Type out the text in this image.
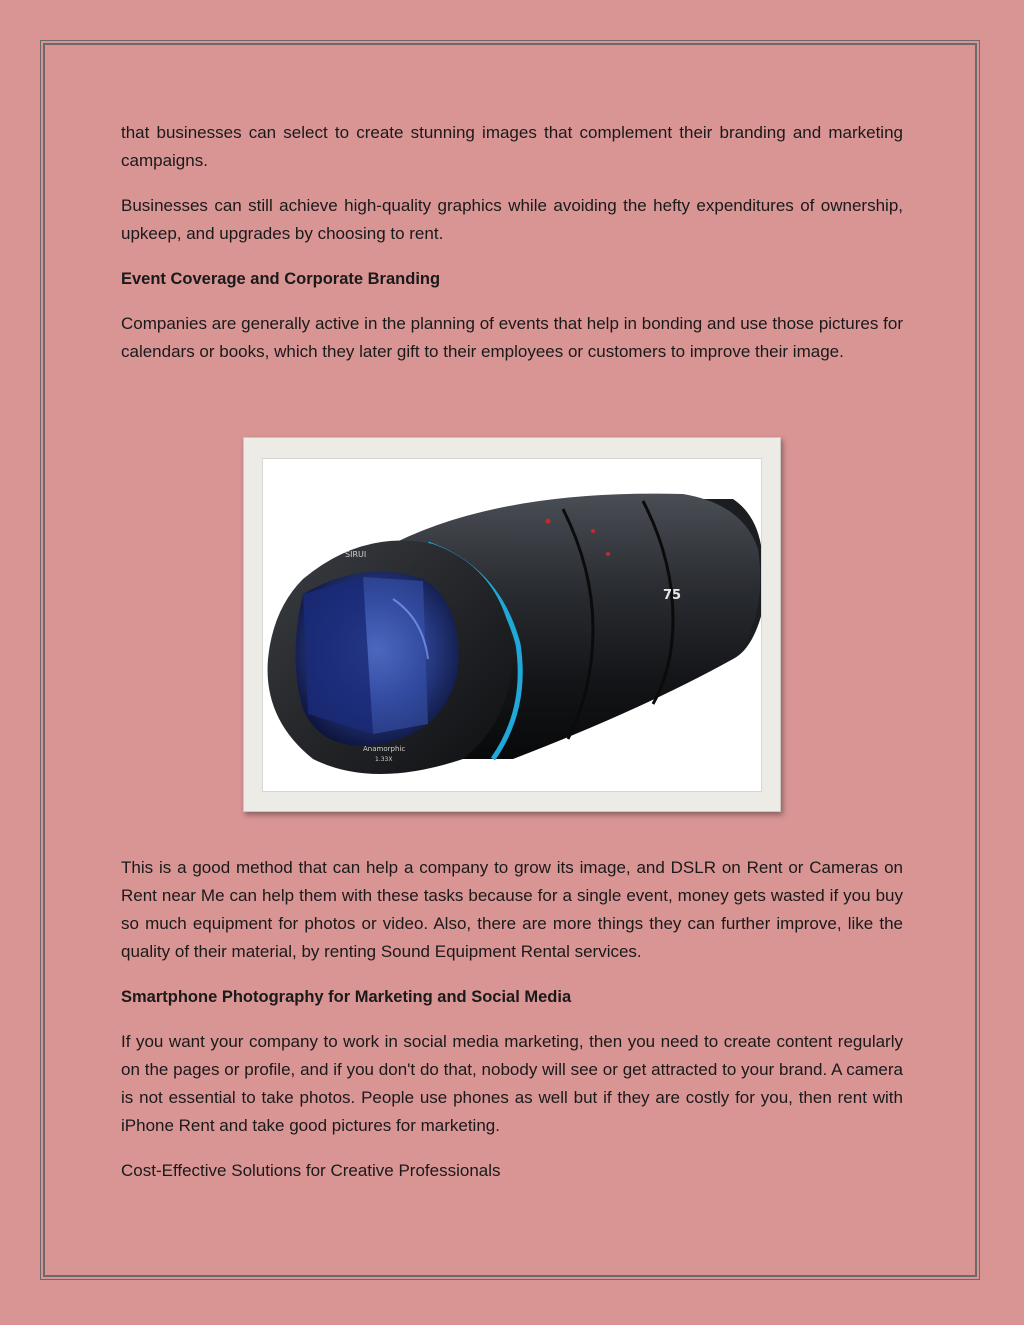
that businesses can select to create stunning images that complement their branding and marketing campaigns.

Businesses can still achieve high-quality graphics while avoiding the hefty expenditures of ownership, upkeep, and upgrades by choosing to rent.

Event Coverage and Corporate Branding

Companies are generally active in the planning of events that help in bonding and use those pictures for calendars or books, which they later gift to their employees or customers to improve their image.

SIRUI
75
Anamorphic
1.33X

This is a good method that can help a company to grow its image, and DSLR on Rent or Cameras on Rent near Me can help them with these tasks because for a single event, money gets wasted if you buy so much equipment for photos or video. Also, there are more things they can further improve, like the quality of their material, by renting Sound Equipment Rental services.

Smartphone Photography for Marketing and Social Media

If you want your company to work in social media marketing, then you need to create content regularly on the pages or profile, and if you don't do that, nobody will see or get attracted to your brand. A camera is not essential to take photos. People use phones as well but if they are costly for you, then rent with iPhone Rent and take good pictures for marketing.

Cost-Effective Solutions for Creative Professionals
